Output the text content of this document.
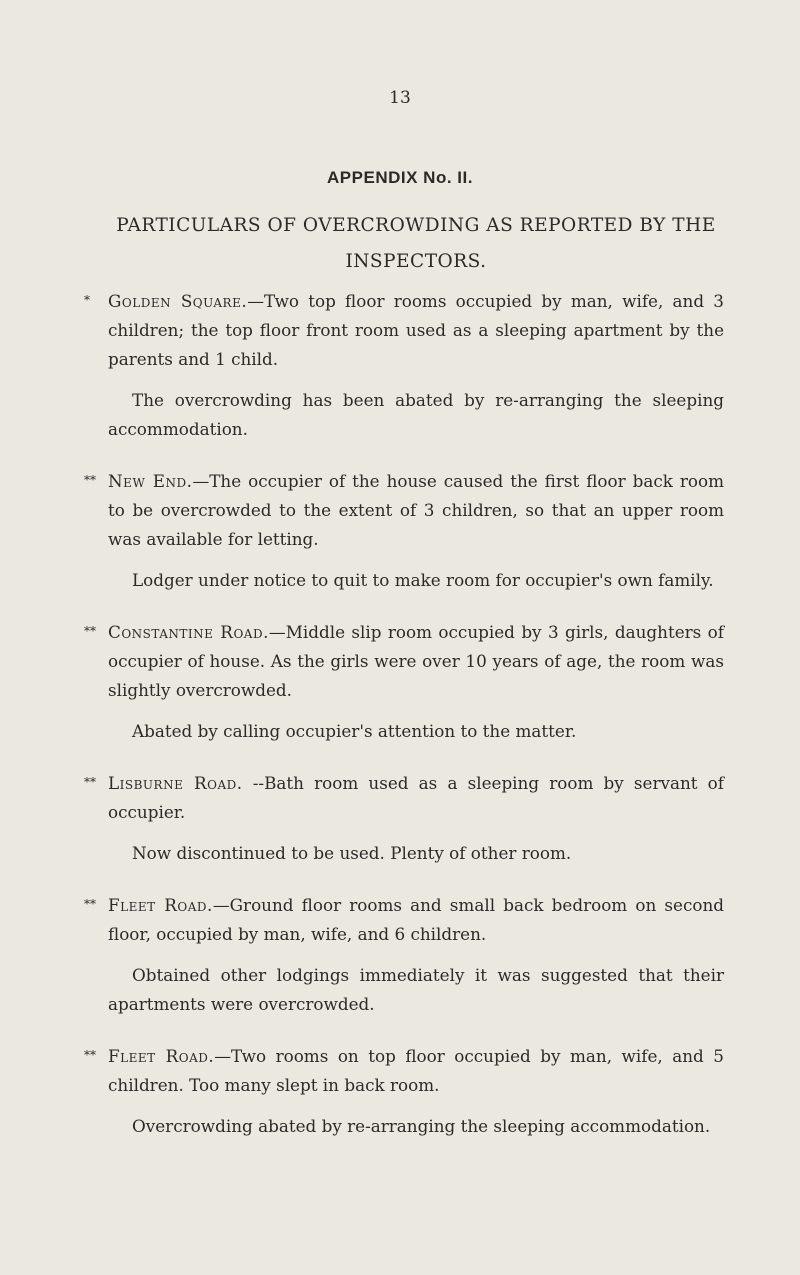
13
APPENDIX No. II.
PARTICULARS OF OVERCROWDING AS REPORTED BY THE INSPECTORS.

* Golden Square.—Two top floor rooms occupied by man, wife, and 3 children; the top floor front room used as a sleeping apartment by the parents and 1 child.

The overcrowding has been abated by re-arranging the sleeping accommodation.

** New End.—The occupier of the house caused the first floor back room to be overcrowded to the extent of 3 children, so that an upper room was available for letting.

Lodger under notice to quit to make room for occupier's own family.

** Constantine Road.—Middle slip room occupied by 3 girls, daughters of occupier of house. As the girls were over 10 years of age, the room was slightly overcrowded.

Abated by calling occupier's attention to the matter.

** Lisburne Road. --Bath room used as a sleeping room by servant of occupier.

Now discontinued to be used. Plenty of other room.

** Fleet Road.—Ground floor rooms and small back bedroom on second floor, occupied by man, wife, and 6 children.

Obtained other lodgings immediately it was suggested that their apartments were overcrowded.

** Fleet Road.—Two rooms on top floor occupied by man, wife, and 5 children. Too many slept in back room.

Overcrowding abated by re-arranging the sleeping accommodation.
